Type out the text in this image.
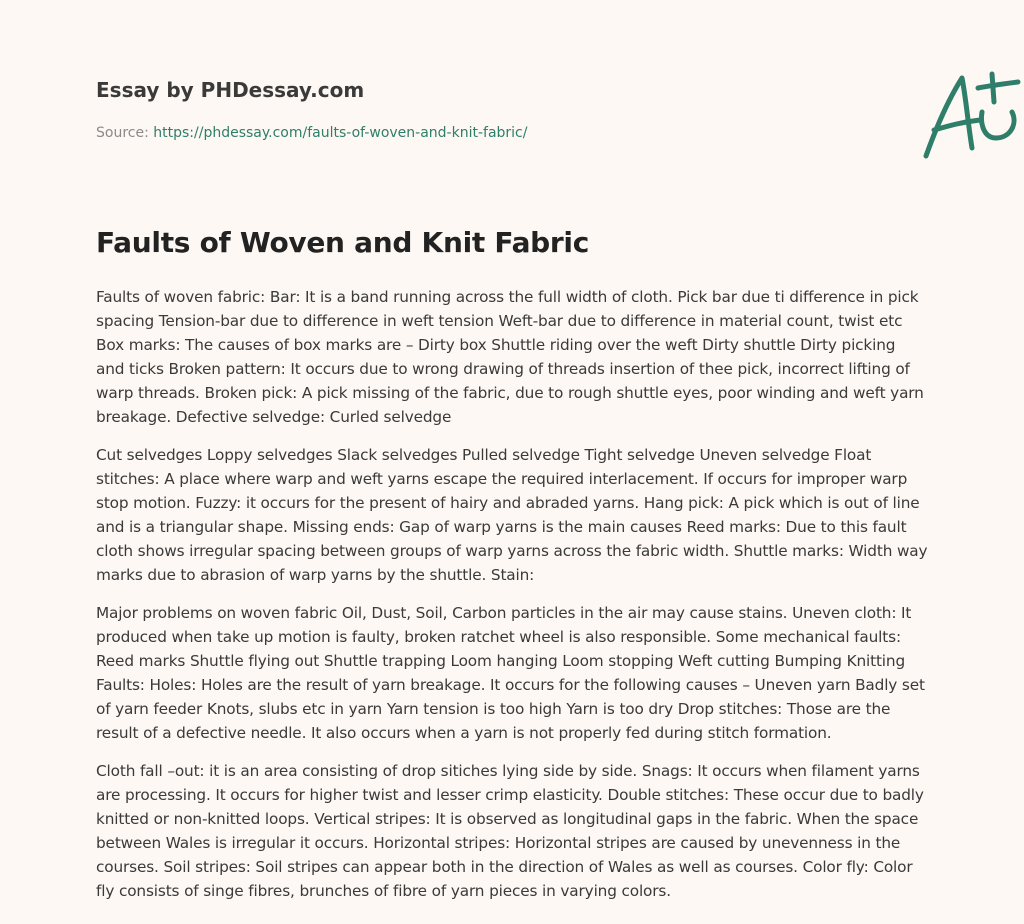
Essay by PHDessay.com

Source: https://phdessay.com/faults-of-woven-and-knit-fabric/

Faults of Woven and Knit Fabric

Faults of woven fabric: Bar: It is a band running across the full width of cloth. Pick bar due ti difference in pick spacing Tension-bar due to difference in weft tension Weft-bar due to difference in material count, twist etc Box marks: The causes of box marks are – Dirty box Shuttle riding over the weft Dirty shuttle Dirty picking and ticks Broken pattern: It occurs due to wrong drawing of threads insertion of thee pick, incorrect lifting of warp threads. Broken pick: A pick missing of the fabric, due to rough shuttle eyes, poor winding and weft yarn breakage. Defective selvedge: Curled selvedge

Cut selvedges Loppy selvedges Slack selvedges Pulled selvedge Tight selvedge Uneven selvedge Float stitches: A place where warp and weft yarns escape the required interlacement. If occurs for improper warp stop motion. Fuzzy: it occurs for the present of hairy and abraded yarns. Hang pick: A pick which is out of line and is a triangular shape. Missing ends: Gap of warp yarns is the main causes Reed marks: Due to this fault cloth shows irregular spacing between groups of warp yarns across the fabric width. Shuttle marks: Width way marks due to abrasion of warp yarns by the shuttle. Stain:

Major problems on woven fabric Oil, Dust, Soil, Carbon particles in the air may cause stains. Uneven cloth: It produced when take up motion is faulty, broken ratchet wheel is also responsible. Some mechanical faults: Reed marks Shuttle flying out Shuttle trapping Loom hanging Loom stopping Weft cutting Bumping Knitting Faults: Holes: Holes are the result of yarn breakage. It occurs for the following causes – Uneven yarn Badly set of yarn feeder Knots, slubs etc in yarn Yarn tension is too high Yarn is too dry Drop stitches: Those are the result of a defective needle. It also occurs when a yarn is not properly fed during stitch formation.

Cloth fall –out: it is an area consisting of drop sitiches lying side by side. Snags: It occurs when filament yarns are processing. It occurs for higher twist and lesser crimp elasticity. Double stitches: These occur due to badly knitted or non-knitted loops. Vertical stripes: It is observed as longitudinal gaps in the fabric. When the space between Wales is irregular it occurs. Horizontal stripes: Horizontal stripes are caused by unevenness in the courses. Soil stripes: Soil stripes can appear both in the direction of Wales as well as courses. Color fly: Color fly consists of singe fibres, brunches of fibre of yarn pieces in varying colors.
